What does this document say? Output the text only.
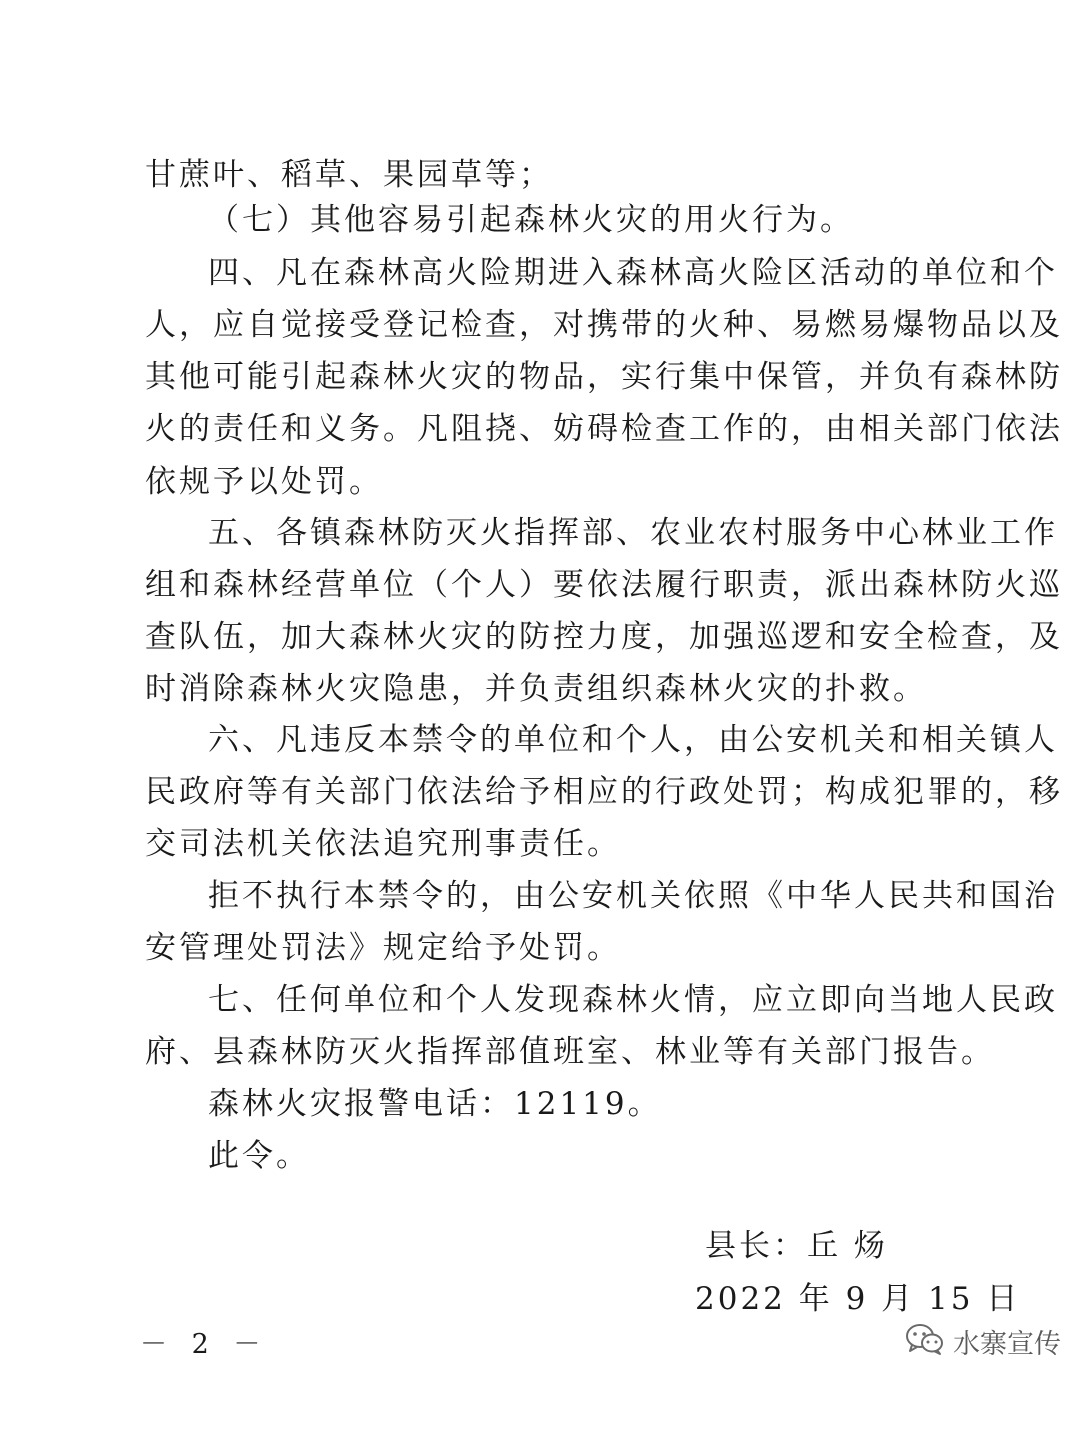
甘蔗叶、稻草、果园草等；
（七）其他容易引起森林火灾的用火行为。
四、凡在森林高火险期进入森林高火险区活动的单位和个
人，应自觉接受登记检查，对携带的火种、易燃易爆物品以及
其他可能引起森林火灾的物品，实行集中保管，并负有森林防
火的责任和义务。凡阻挠、妨碍检查工作的，由相关部门依法
依规予以处罚。
五、各镇森林防灭火指挥部、农业农村服务中心林业工作
组和森林经营单位（个人）要依法履行职责，派出森林防火巡
查队伍，加大森林火灾的防控力度，加强巡逻和安全检查，及
时消除森林火灾隐患，并负责组织森林火灾的扑救。
六、凡违反本禁令的单位和个人，由公安机关和相关镇人
民政府等有关部门依法给予相应的行政处罚；构成犯罪的，移
交司法机关依法追究刑事责任。
拒不执行本禁令的，由公安机关依照《中华人民共和国治
安管理处罚法》规定给予处罚。
七、任何单位和个人发现森林火情，应立即向当地人民政
府、县森林防灭火指挥部值班室、林业等有关部门报告。
森林火灾报警电话：12119。
此令。
县长：丘 炀
2022 年 9 月 15 日
－ 2 －	水寨宣传
